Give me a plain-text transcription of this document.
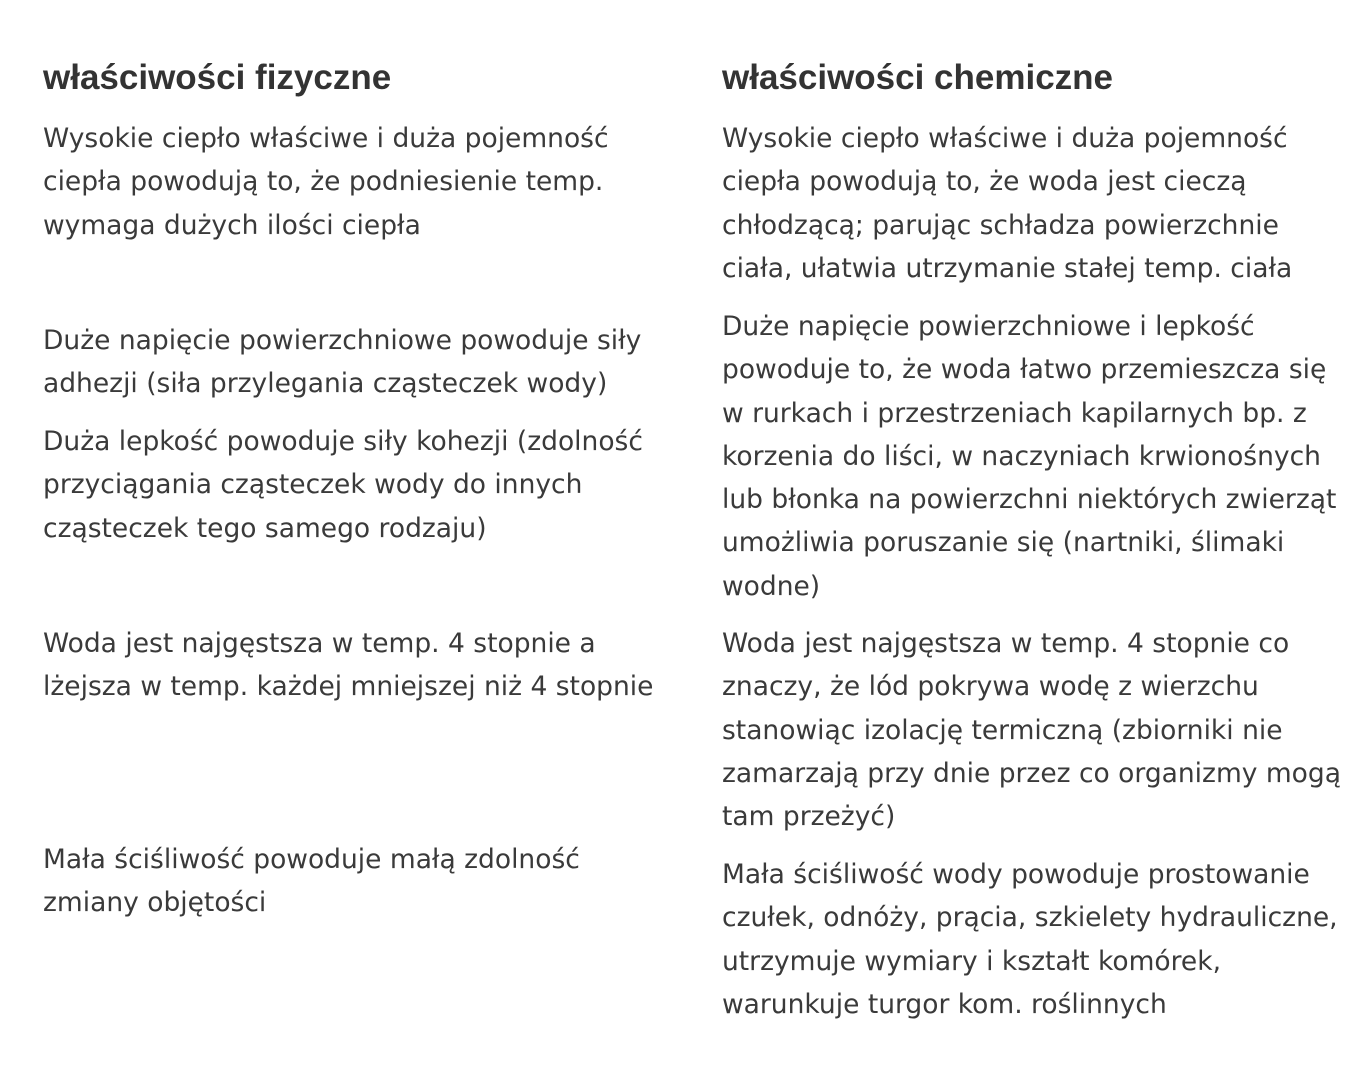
właściwości fizyczne

Wysokie ciepło właściwe i duża pojemność
ciepła powodują to, że podniesienie temp.
wymaga dużych ilości ciepła

Duże napięcie powierzchniowe powoduje siły
adhezji (siła przylegania cząsteczek wody)

Duża lepkość powoduje siły kohezji (zdolność
przyciągania cząsteczek wody do innych
cząsteczek tego samego rodzaju)

Woda jest najgęstsza w temp. 4 stopnie a
lżejsza w temp. każdej mniejszej niż 4 stopnie

Mała ściśliwość powoduje małą zdolność
zmiany objętości

właściwości chemiczne

Wysokie ciepło właściwe i duża pojemność
ciepła powodują to, że woda jest cieczą
chłodzącą; parując schładza powierzchnie
ciała, ułatwia utrzymanie stałej temp. ciała

Duże napięcie powierzchniowe i lepkość
powoduje to, że woda łatwo przemieszcza się
w rurkach i przestrzeniach kapilarnych bp. z
korzenia do liści, w naczyniach krwionośnych
lub błonka na powierzchni niektórych zwierząt
umożliwia poruszanie się (nartniki, ślimaki
wodne)

Woda jest najgęstsza w temp. 4 stopnie co
znaczy, że lód pokrywa wodę z wierzchu
stanowiąc izolację termiczną (zbiorniki nie
zamarzają przy dnie przez co organizmy mogą
tam przeżyć)

Mała ściśliwość wody powoduje prostowanie
czułek, odnóży, prącia, szkielety hydrauliczne,
utrzymuje wymiary i kształt komórek,
warunkuje turgor kom. roślinnych
